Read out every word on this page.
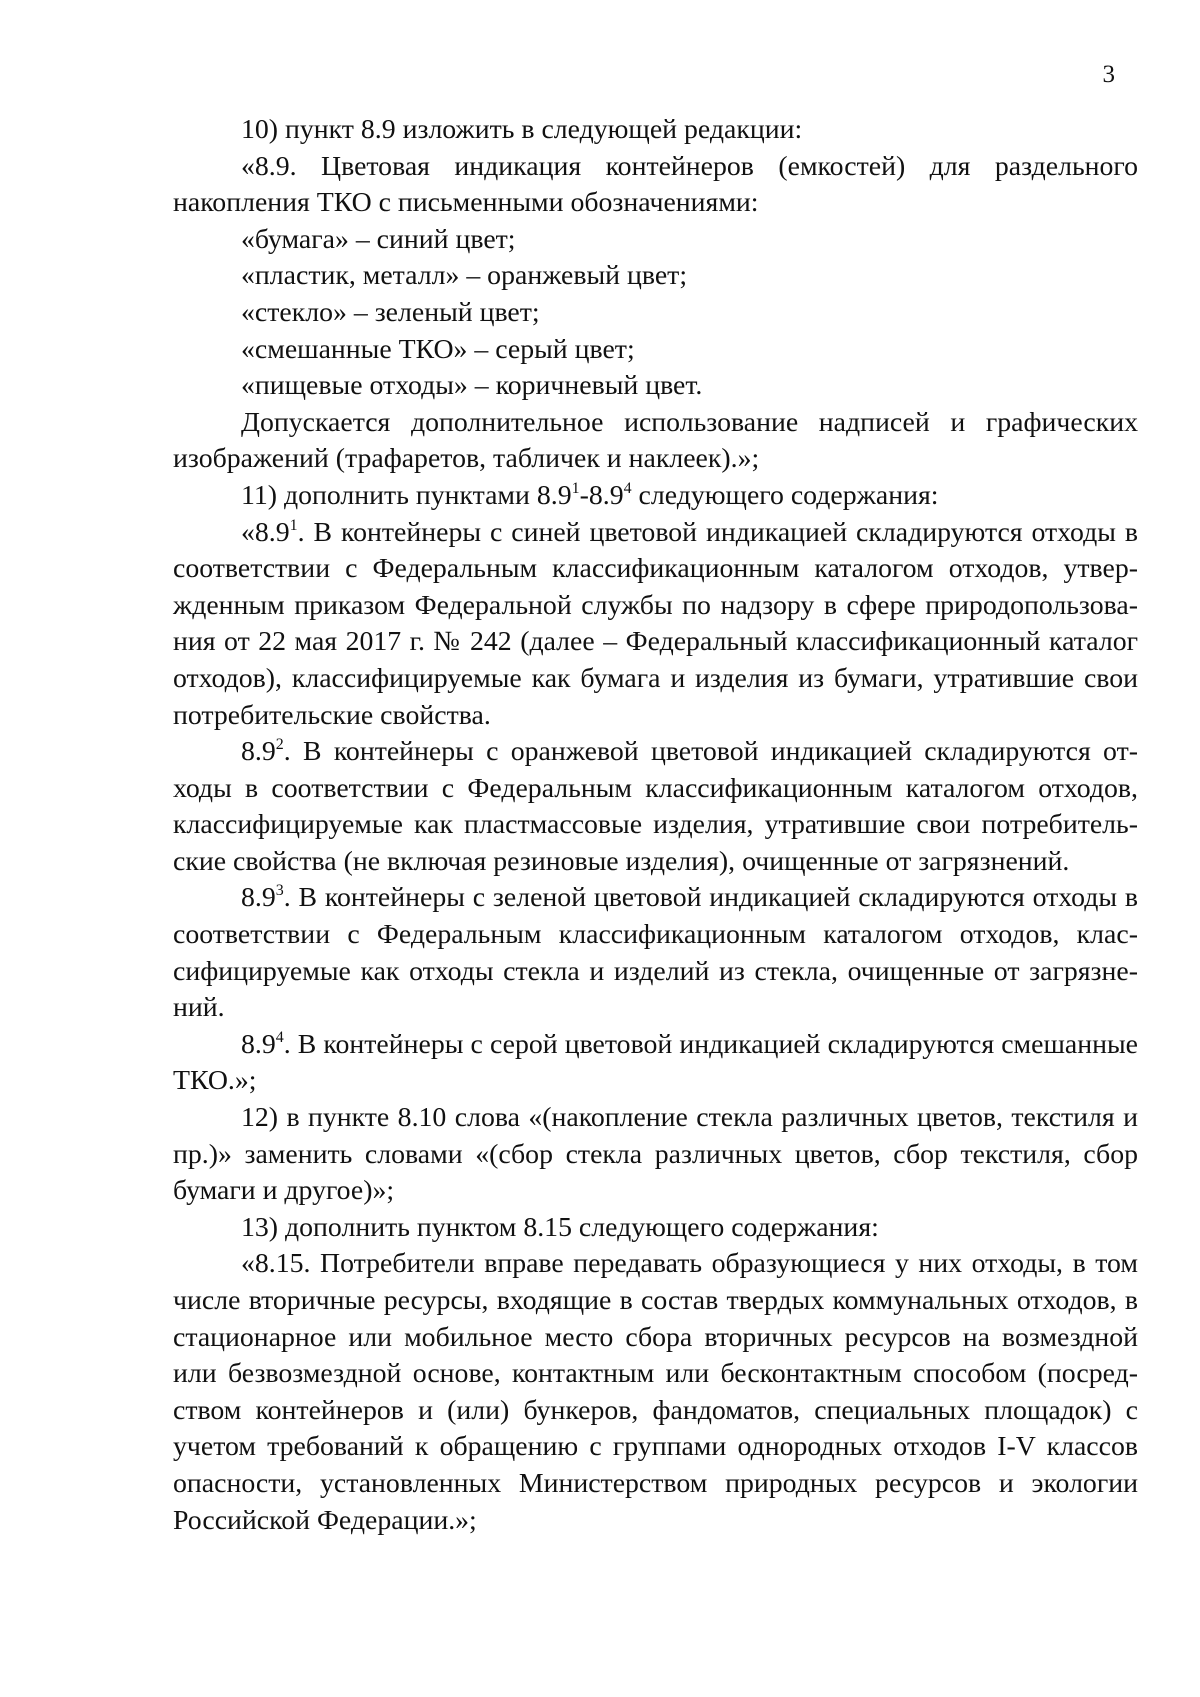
3

10) пункт 8.9 изложить в следующей редакции:

«8.9. Цветовая индикация контейнеров (емкостей) для раздельного накопления ТКО с письменными обозначениями:

«бумага» – синий цвет;

«пластик, металл» – оранжевый цвет;

«стекло» – зеленый цвет;

«смешанные ТКО» – серый цвет;

«пищевые отходы» – коричневый цвет.

Допускается дополнительное использование надписей и графических изображений (трафаретов, табличек и наклеек).»;

11) дополнить пунктами $8.9^1-8.9^4$ следующего содержания:

«$8.9^1$. В контейнеры с синей цветовой индикацией складируются отходы в соответствии с Федеральным классификационным каталогом отходов, утвержденным приказом Федеральной службы по надзору в сфере природопользования от 22 мая 2017 г. № 242 (далее – Федеральный классификационный каталог отходов), классифицируемые как бумага и изделия из бумаги, утратившие свои потребительские свойства.

$8.9^2$. В контейнеры с оранжевой цветовой индикацией складируются отходы в соответствии с Федеральным классификационным каталогом отходов, классифицируемые как пластмассовые изделия, утратившие свои потребительские свойства (не включая резиновые изделия), очищенные от загрязнений.

$8.9^3$. В контейнеры с зеленой цветовой индикацией складируются отходы в соответствии с Федеральным классификационным каталогом отходов, классифицируемые как отходы стекла и изделий из стекла, очищенные от загрязнений.

$8.9^4$. В контейнеры с серой цветовой индикацией складируются смешанные ТКО.»;

12) в пункте 8.10 слова «(накопление стекла различных цветов, текстиля и пр.)» заменить словами «(сбор стекла различных цветов, сбор текстиля, сбор бумаги и другое)»;

13) дополнить пунктом 8.15 следующего содержания:

«8.15. Потребители вправе передавать образующиеся у них отходы, в том числе вторичные ресурсы, входящие в состав твердых коммунальных отходов, в стационарное или мобильное место сбора вторичных ресурсов на возмездной или безвозмездной основе, контактным или бесконтактным способом (посредством контейнеров и (или) бункеров, фандоматов, специальных площадок) с учетом требований к обращению с группами однородных отходов I-V классов опасности, установленных Министерством природных ресурсов и экологии Российской Федерации.»;
